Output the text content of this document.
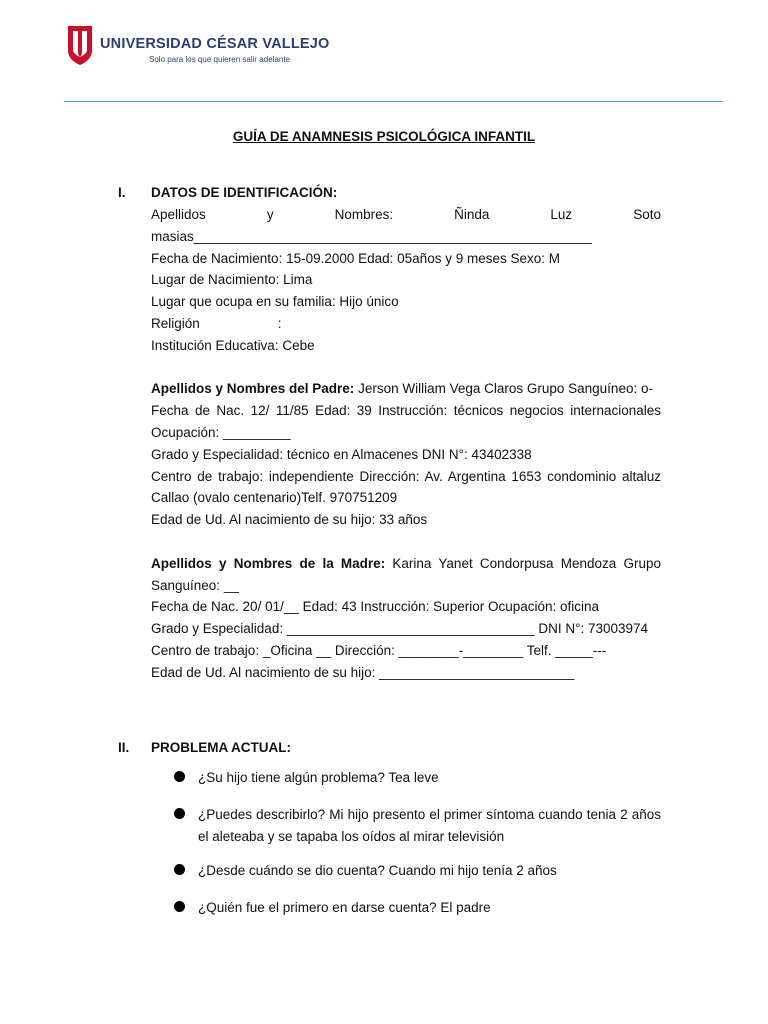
UNIVERSIDAD CÉSAR VALLEJO
Solo para los que quieren salir adelante
GUÍA DE ANAMNESIS PSICOLÓGICA INFANTIL
I. DATOS DE IDENTIFICACIÓN:
Apellidos	y	Nombres:	Ñinda	Luz	Soto
masias_____________________________________________________
Fecha de Nacimiento: 15-09.2000 Edad: 05años y 9 meses Sexo: M
Lugar de Nacimiento: Lima
Lugar que ocupa en su familia: Hijo único
Religión	:
Institución Educativa: Cebe
Apellidos y Nombres del Padre: Jerson William Vega Claros Grupo Sanguíneo: o-
Fecha de Nac. 12/ 11/85 Edad: 39 Instrucción: técnicos negocios internacionales Ocupación: _________
Grado y Especialidad: técnico en Almacenes DNI N°: 43402338
Centro de trabajo: independiente Dirección: Av. Argentina 1653 condominio altaluz Callao (ovalo centenario)Telf. 970751209
Edad de Ud. Al nacimiento de su hijo: 33 años
Apellidos y Nombres de la Madre: Karina Yanet Condorpusa Mendoza Grupo Sanguíneo: __
Fecha de Nac. 20/ 01/__ Edad: 43 Instrucción: Superior Ocupación: oficina
Grado y Especialidad: _________________________________ DNI N°: 73003974
Centro de trabajo: _Oficina __ Dirección: ________-________ Telf. _____---
Edad de Ud. Al nacimiento de su hijo: __________________________
II. PROBLEMA ACTUAL:
¿Su hijo tiene algún problema? Tea leve
¿Puedes describirlo? Mi hijo presento el primer síntoma cuando tenia 2 años el aleteaba y se tapaba los oídos al mirar televisión
¿Desde cuándo se dio cuenta? Cuando mi hijo tenía 2 años
¿Quién fue el primero en darse cuenta? El padre
